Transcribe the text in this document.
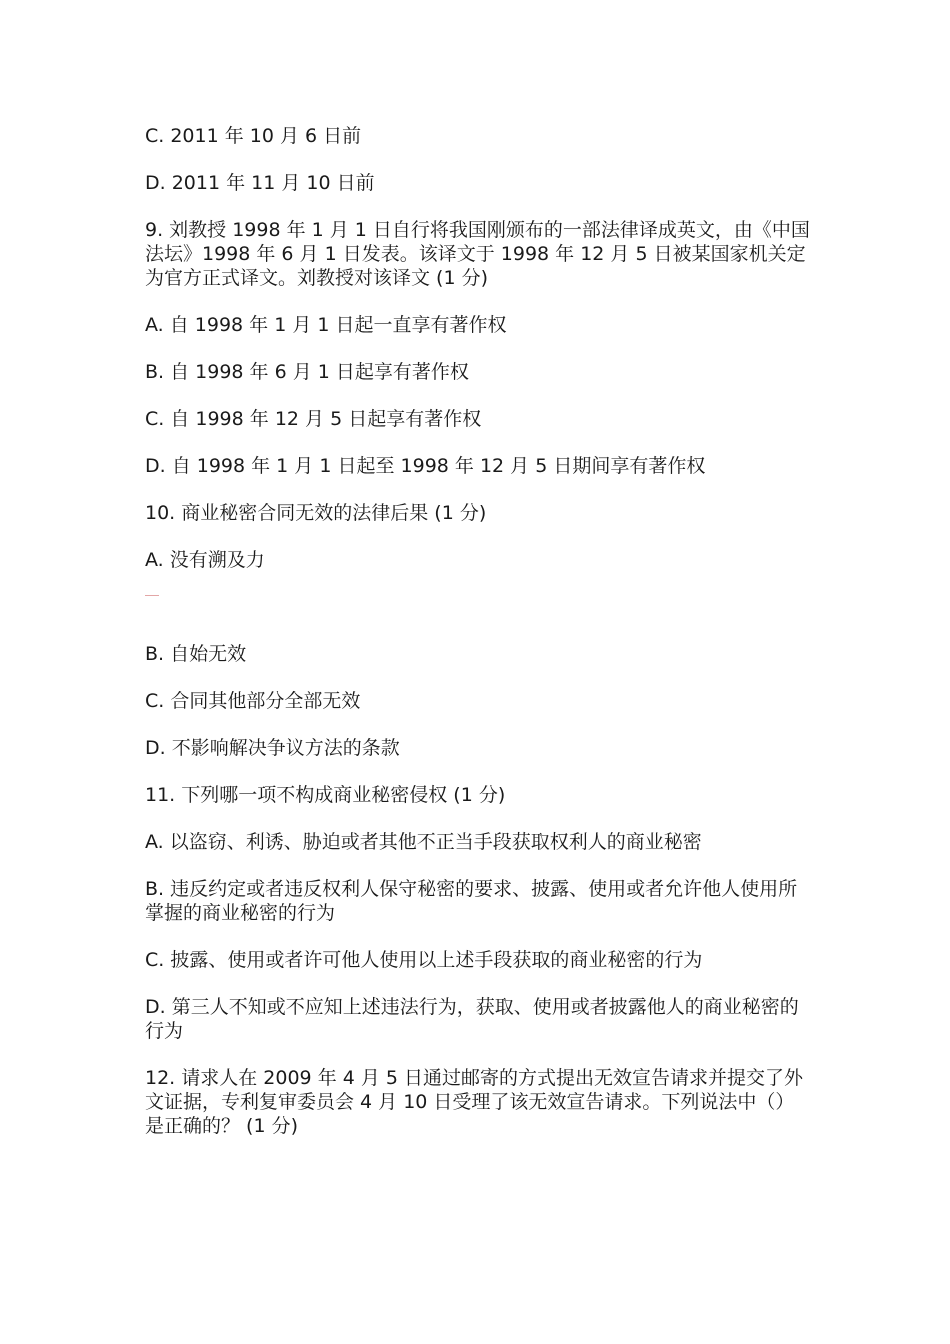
C. 2011 年 10 月 6 日前

D. 2011 年 11 月 10 日前

9. 刘教授 1998 年 1 月 1 日自行将我国刚颁布的一部法律译成英文，由《中国法坛》1998 年 6 月 1 日发表。该译文于 1998 年 12 月 5 日被某国家机关定为官方正式译文。刘教授对该译文 (1 分)

A. 自 1998 年 1 月 1 日起一直享有著作权

B. 自 1998 年 6 月 1 日起享有著作权

C. 自 1998 年 12 月 5 日起享有著作权

D. 自 1998 年 1 月 1 日起至 1998 年 12 月 5 日期间享有著作权

10. 商业秘密合同无效的法律后果 (1 分)

A. 没有溯及力

B. 自始无效

C. 合同其他部分全部无效

D. 不影响解决争议方法的条款

11. 下列哪一项不构成商业秘密侵权 (1 分)

A. 以盗窃、利诱、胁迫或者其他不正当手段获取权利人的商业秘密

B. 违反约定或者违反权利人保守秘密的要求、披露、使用或者允许他人使用所掌握的商业秘密的行为

C. 披露、使用或者许可他人使用以上述手段获取的商业秘密的行为

D. 第三人不知或不应知上述违法行为，获取、使用或者披露他人的商业秘密的行为

12. 请求人在 2009 年 4 月 5 日通过邮寄的方式提出无效宣告请求并提交了外文证据，专利复审委员会 4 月 10 日受理了该无效宣告请求。下列说法中（）是正确的？ (1 分)
